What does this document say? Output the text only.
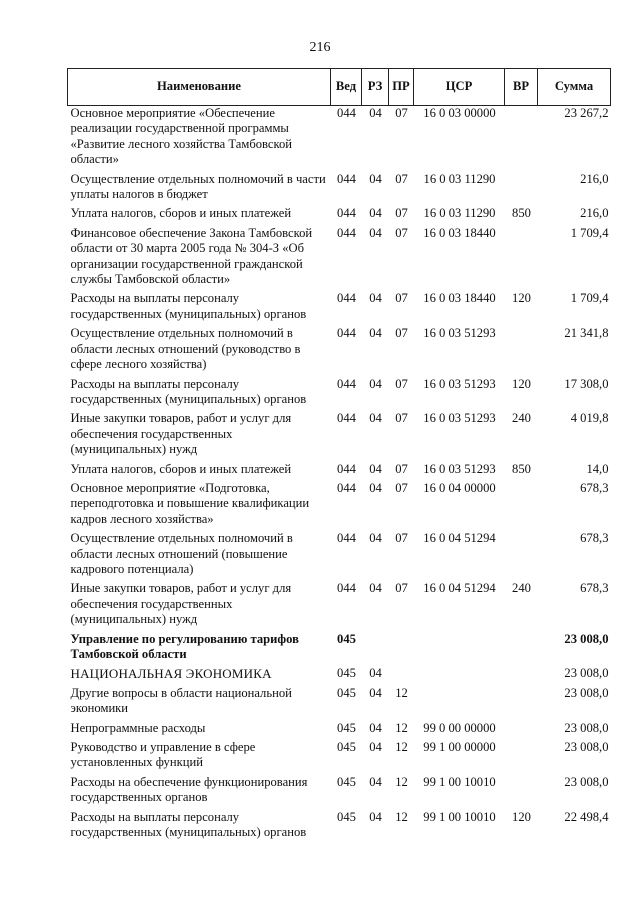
216
Наименование	Вед	РЗ	ПР	ЦСР	ВР	Сумма
Основное мероприятие «Обеспечение реализации государственной программы «Развитие лесного хозяйства Тамбовской области»	044	04	07	16 0 03 00000		23 267,2
Осуществление отдельных полномочий в части уплаты налогов в бюджет	044	04	07	16 0 03 11290		216,0
Уплата налогов, сборов и иных платежей	044	04	07	16 0 03 11290	850	216,0
Финансовое обеспечение Закона Тамбовской области от 30 марта 2005 года № 304-З «Об организации государственной гражданской службы Тамбовской области»	044	04	07	16 0 03 18440		1 709,4
Расходы на выплаты персоналу государственных (муниципальных) органов	044	04	07	16 0 03 18440	120	1 709,4
Осуществление отдельных полномочий в области лесных отношений (руководство в сфере лесного хозяйства)	044	04	07	16 0 03 51293		21 341,8
Расходы на выплаты персоналу государственных (муниципальных) органов	044	04	07	16 0 03 51293	120	17 308,0
Иные закупки товаров, работ и услуг для обеспечения государственных (муниципальных) нужд	044	04	07	16 0 03 51293	240	4 019,8
Уплата налогов, сборов и иных платежей	044	04	07	16 0 03 51293	850	14,0
Основное мероприятие «Подготовка, переподготовка и повышение квалификации кадров лесного хозяйства»	044	04	07	16 0 04 00000		678,3
Осуществление отдельных полномочий в области лесных отношений (повышение кадрового потенциала)	044	04	07	16 0 04 51294		678,3
Иные закупки товаров, работ и услуг для обеспечения государственных (муниципальных) нужд	044	04	07	16 0 04 51294	240	678,3
Управление по регулированию тарифов Тамбовской области	045					23 008,0
НАЦИОНАЛЬНАЯ ЭКОНОМИКА	045	04				23 008,0
Другие вопросы в области национальной экономики	045	04	12			23 008,0
Непрограммные расходы	045	04	12	99 0 00 00000		23 008,0
Руководство и управление в сфере установленных функций	045	04	12	99 1 00 00000		23 008,0
Расходы на обеспечение функционирования государственных органов	045	04	12	99 1 00 10010		23 008,0
Расходы на выплаты персоналу государственных (муниципальных) органов	045	04	12	99 1 00 10010	120	22 498,4
